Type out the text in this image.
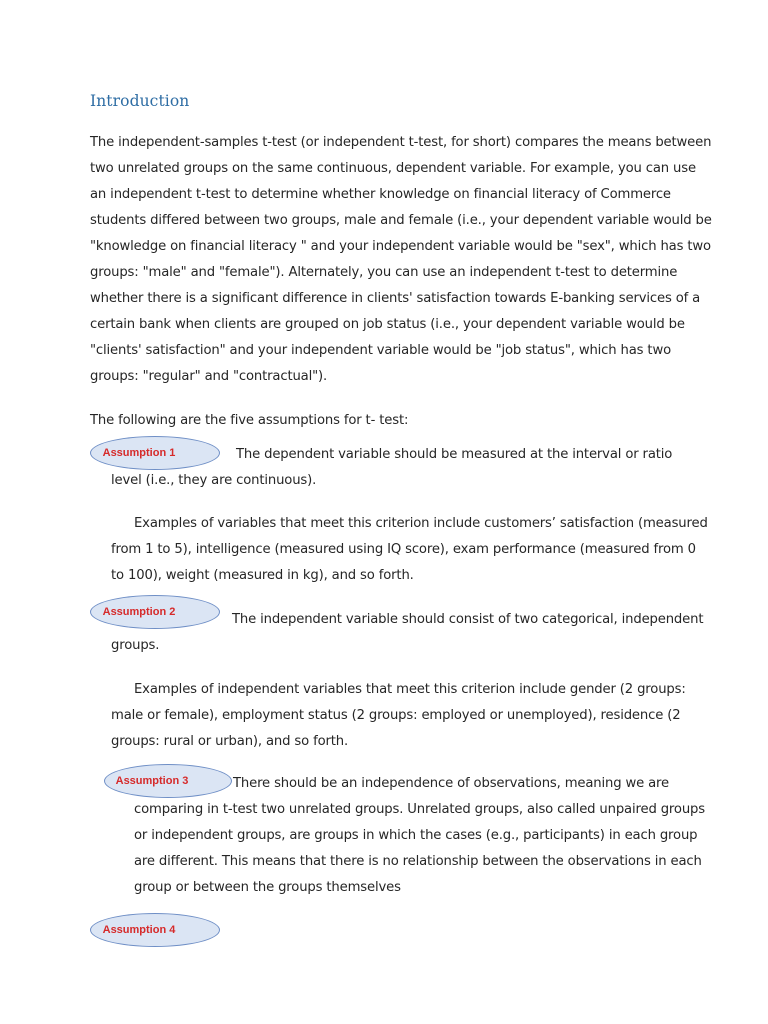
Introduction
The independent-samples t-test (or independent t-test, for short) compares the means between
two unrelated groups on the same continuous, dependent variable. For example, you can use
an independent t-test to determine whether knowledge on financial literacy of Commerce
students differed between two groups, male and female (i.e., your dependent variable would be
"knowledge on financial literacy " and your independent variable would be "sex", which has two
groups: "male" and "female"). Alternately, you can use an independent t-test to determine
whether there is a significant difference in clients' satisfaction towards E-banking services of a
certain bank when clients are grouped on job status (i.e., your dependent variable would be
"clients' satisfaction" and your independent variable would be "job status", which has two
groups: "regular" and "contractual").
The following are the five assumptions for t- test:
Assumption 1	The dependent variable should be measured at the interval or ratio
level (i.e., they are continuous).
Examples of variables that meet this criterion include customers’ satisfaction (measured
from 1 to 5), intelligence (measured using IQ score), exam performance (measured from 0
to 100), weight (measured in kg), and so forth.
Assumption 2	The independent variable should consist of two categorical, independent
groups.
Examples of independent variables that meet this criterion include gender (2 groups:
male or female), employment status (2 groups: employed or unemployed), residence (2
groups: rural or urban), and so forth.
Assumption 3	There should be an independence of observations, meaning we are
comparing in t-test two unrelated groups. Unrelated groups, also called unpaired groups
or independent groups, are groups in which the cases (e.g., participants) in each group
are different. This means that there is no relationship between the observations in each
group or between the groups themselves
Assumption 4
